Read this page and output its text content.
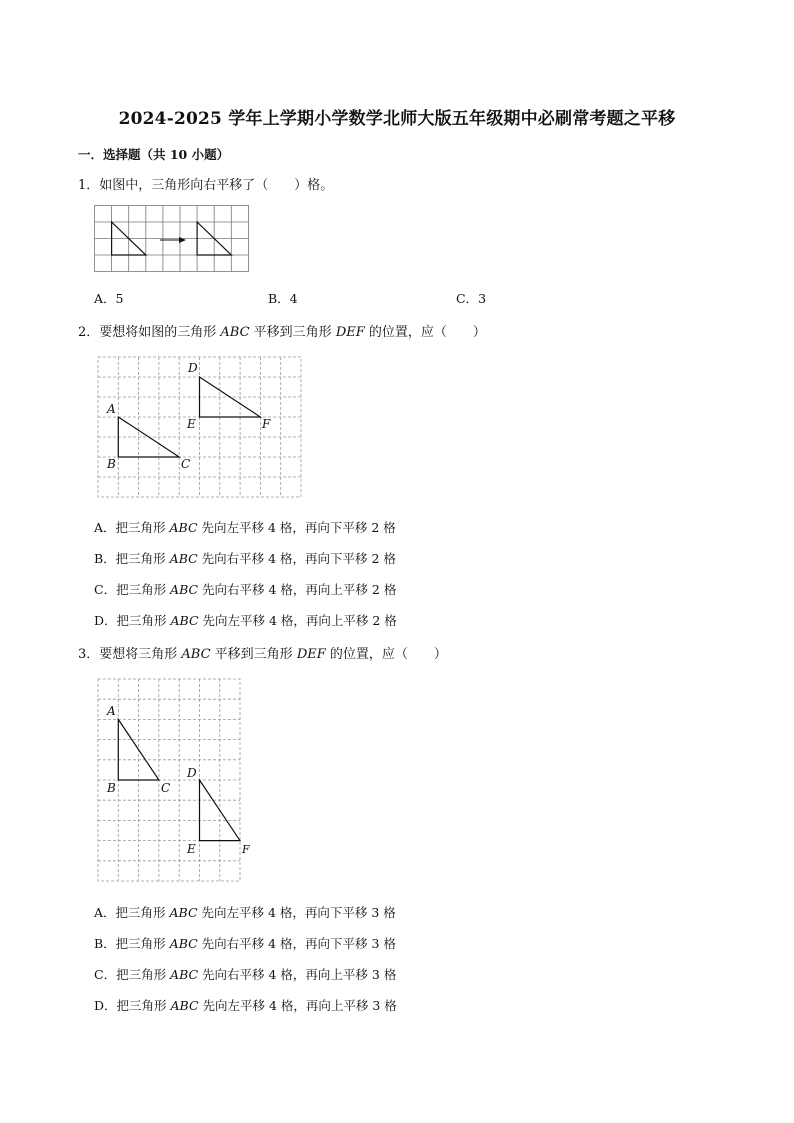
2024-2025 学年上学期小学数学北师大版五年级期中必刷常考题之平移
一．选择题（共 10 小题）
1．如图中，三角形向右平移了（　　）格。
A．5	B．4	C．3
2．要想将如图的三角形 ABC 平移到三角形 DEF 的位置，应（　　）
A
B	C
D
E	F
A．把三角形 ABC 先向左平移 4 格，再向下平移 2 格
B．把三角形 ABC 先向右平移 4 格，再向下平移 2 格
C．把三角形 ABC 先向右平移 4 格，再向上平移 2 格
D．把三角形 ABC 先向左平移 4 格，再向上平移 2 格
3．要想将三角形 ABC 平移到三角形 DEF 的位置，应（　　）
A
B	C
D
E	F
A．把三角形 ABC 先向左平移 4 格，再向下平移 3 格
B．把三角形 ABC 先向右平移 4 格，再向下平移 3 格
C．把三角形 ABC 先向右平移 4 格，再向上平移 3 格
D．把三角形 ABC 先向左平移 4 格，再向上平移 3 格
